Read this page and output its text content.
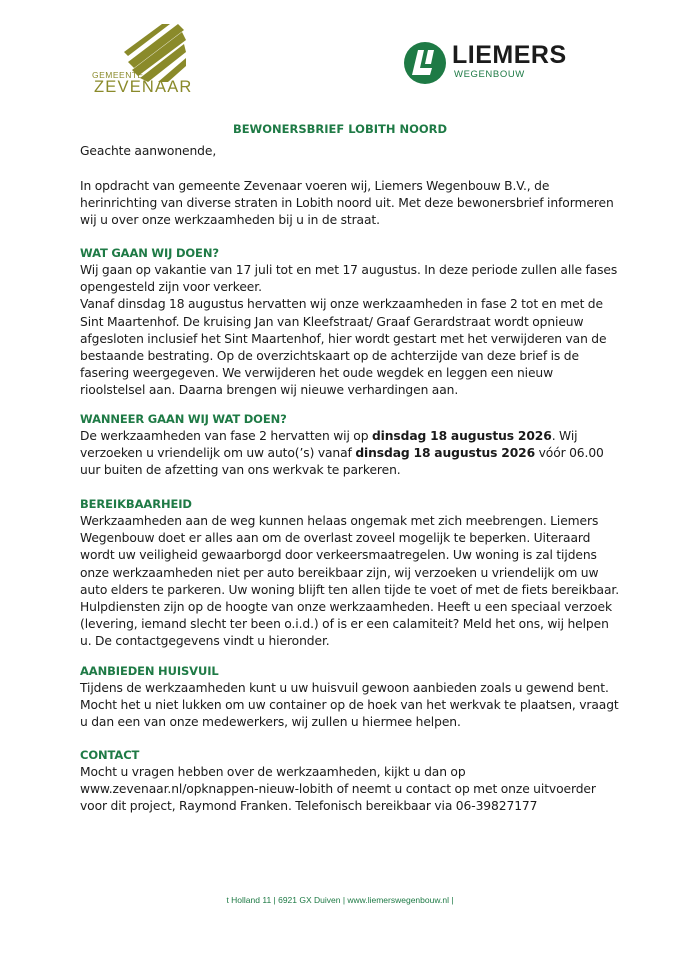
GEMEENTE
ZEVENAAR
LIEMERS
WEGENBOUW
BEWONERSBRIEF LOBITH NOORD
Geachte aanwonende,
In opdracht van gemeente Zevenaar voeren wij, Liemers Wegenbouw B.V., de herinrichting van diverse straten in Lobith noord uit. Met deze bewonersbrief informeren wij u over onze werkzaamheden bij u in de straat.
WAT GAAN WIJ DOEN?

Wij gaan op vakantie van 17 juli tot en met 17 augustus. In deze periode zullen alle fases opengesteld zijn voor verkeer.

Vanaf dinsdag 18 augustus hervatten wij onze werkzaamheden in fase 2 tot en met de Sint Maartenhof. De kruising Jan van Kleefstraat/ Graaf Gerardstraat wordt opnieuw afgesloten inclusief het Sint Maartenhof, hier wordt gestart met het verwijderen van de bestaande bestrating. Op de overzichtskaart op de achterzijde van deze brief is de fasering weergegeven. We verwijderen het oude wegdek en leggen een nieuw rioolstelsel aan. Daarna brengen wij nieuwe verhardingen aan.

WANNEER GAAN WIJ WAT DOEN?
De werkzaamheden van fase 2 hervatten wij op dinsdag 18 augustus 2026. Wij verzoeken u vriendelijk om uw auto(’s) vanaf dinsdag 18 augustus 2026 vóór 06.00 uur buiten de afzetting van ons werkvak te parkeren.
BEREIKBAARHEID
Werkzaamheden aan de weg kunnen helaas ongemak met zich meebrengen. Liemers Wegenbouw doet er alles aan om de overlast zoveel mogelijk te beperken. Uiteraard wordt uw veiligheid gewaarborgd door verkeersmaatregelen. Uw woning is zal tijdens onze werkzaamheden niet per auto bereikbaar zijn, wij verzoeken u vriendelijk om uw auto elders te parkeren. Uw woning blijft ten allen tijde te voet of met de fiets bereikbaar. Hulpdiensten zijn op de hoogte van onze werkzaamheden. Heeft u een speciaal verzoek (levering, iemand slecht ter been o.i.d.) of is er een calamiteit? Meld het ons, wij helpen u. De contactgegevens vindt u hieronder.
AANBIEDEN HUISVUIL
Tijdens de werkzaamheden kunt u uw huisvuil gewoon aanbieden zoals u gewend bent. Mocht het u niet lukken om uw container op de hoek van het werkvak te plaatsen, vraagt u dan een van onze medewerkers, wij zullen u hiermee helpen.
CONTACT
Mocht u vragen hebben over de werkzaamheden, kijkt u dan op www.zevenaar.nl/opknappen-nieuw-lobith of neemt u contact op met onze uitvoerder voor dit project, Raymond Franken. Telefonisch bereikbaar via 06-39827177
t Holland 11 | 6921 GX Duiven | www.liemerswegenbouw.nl |
